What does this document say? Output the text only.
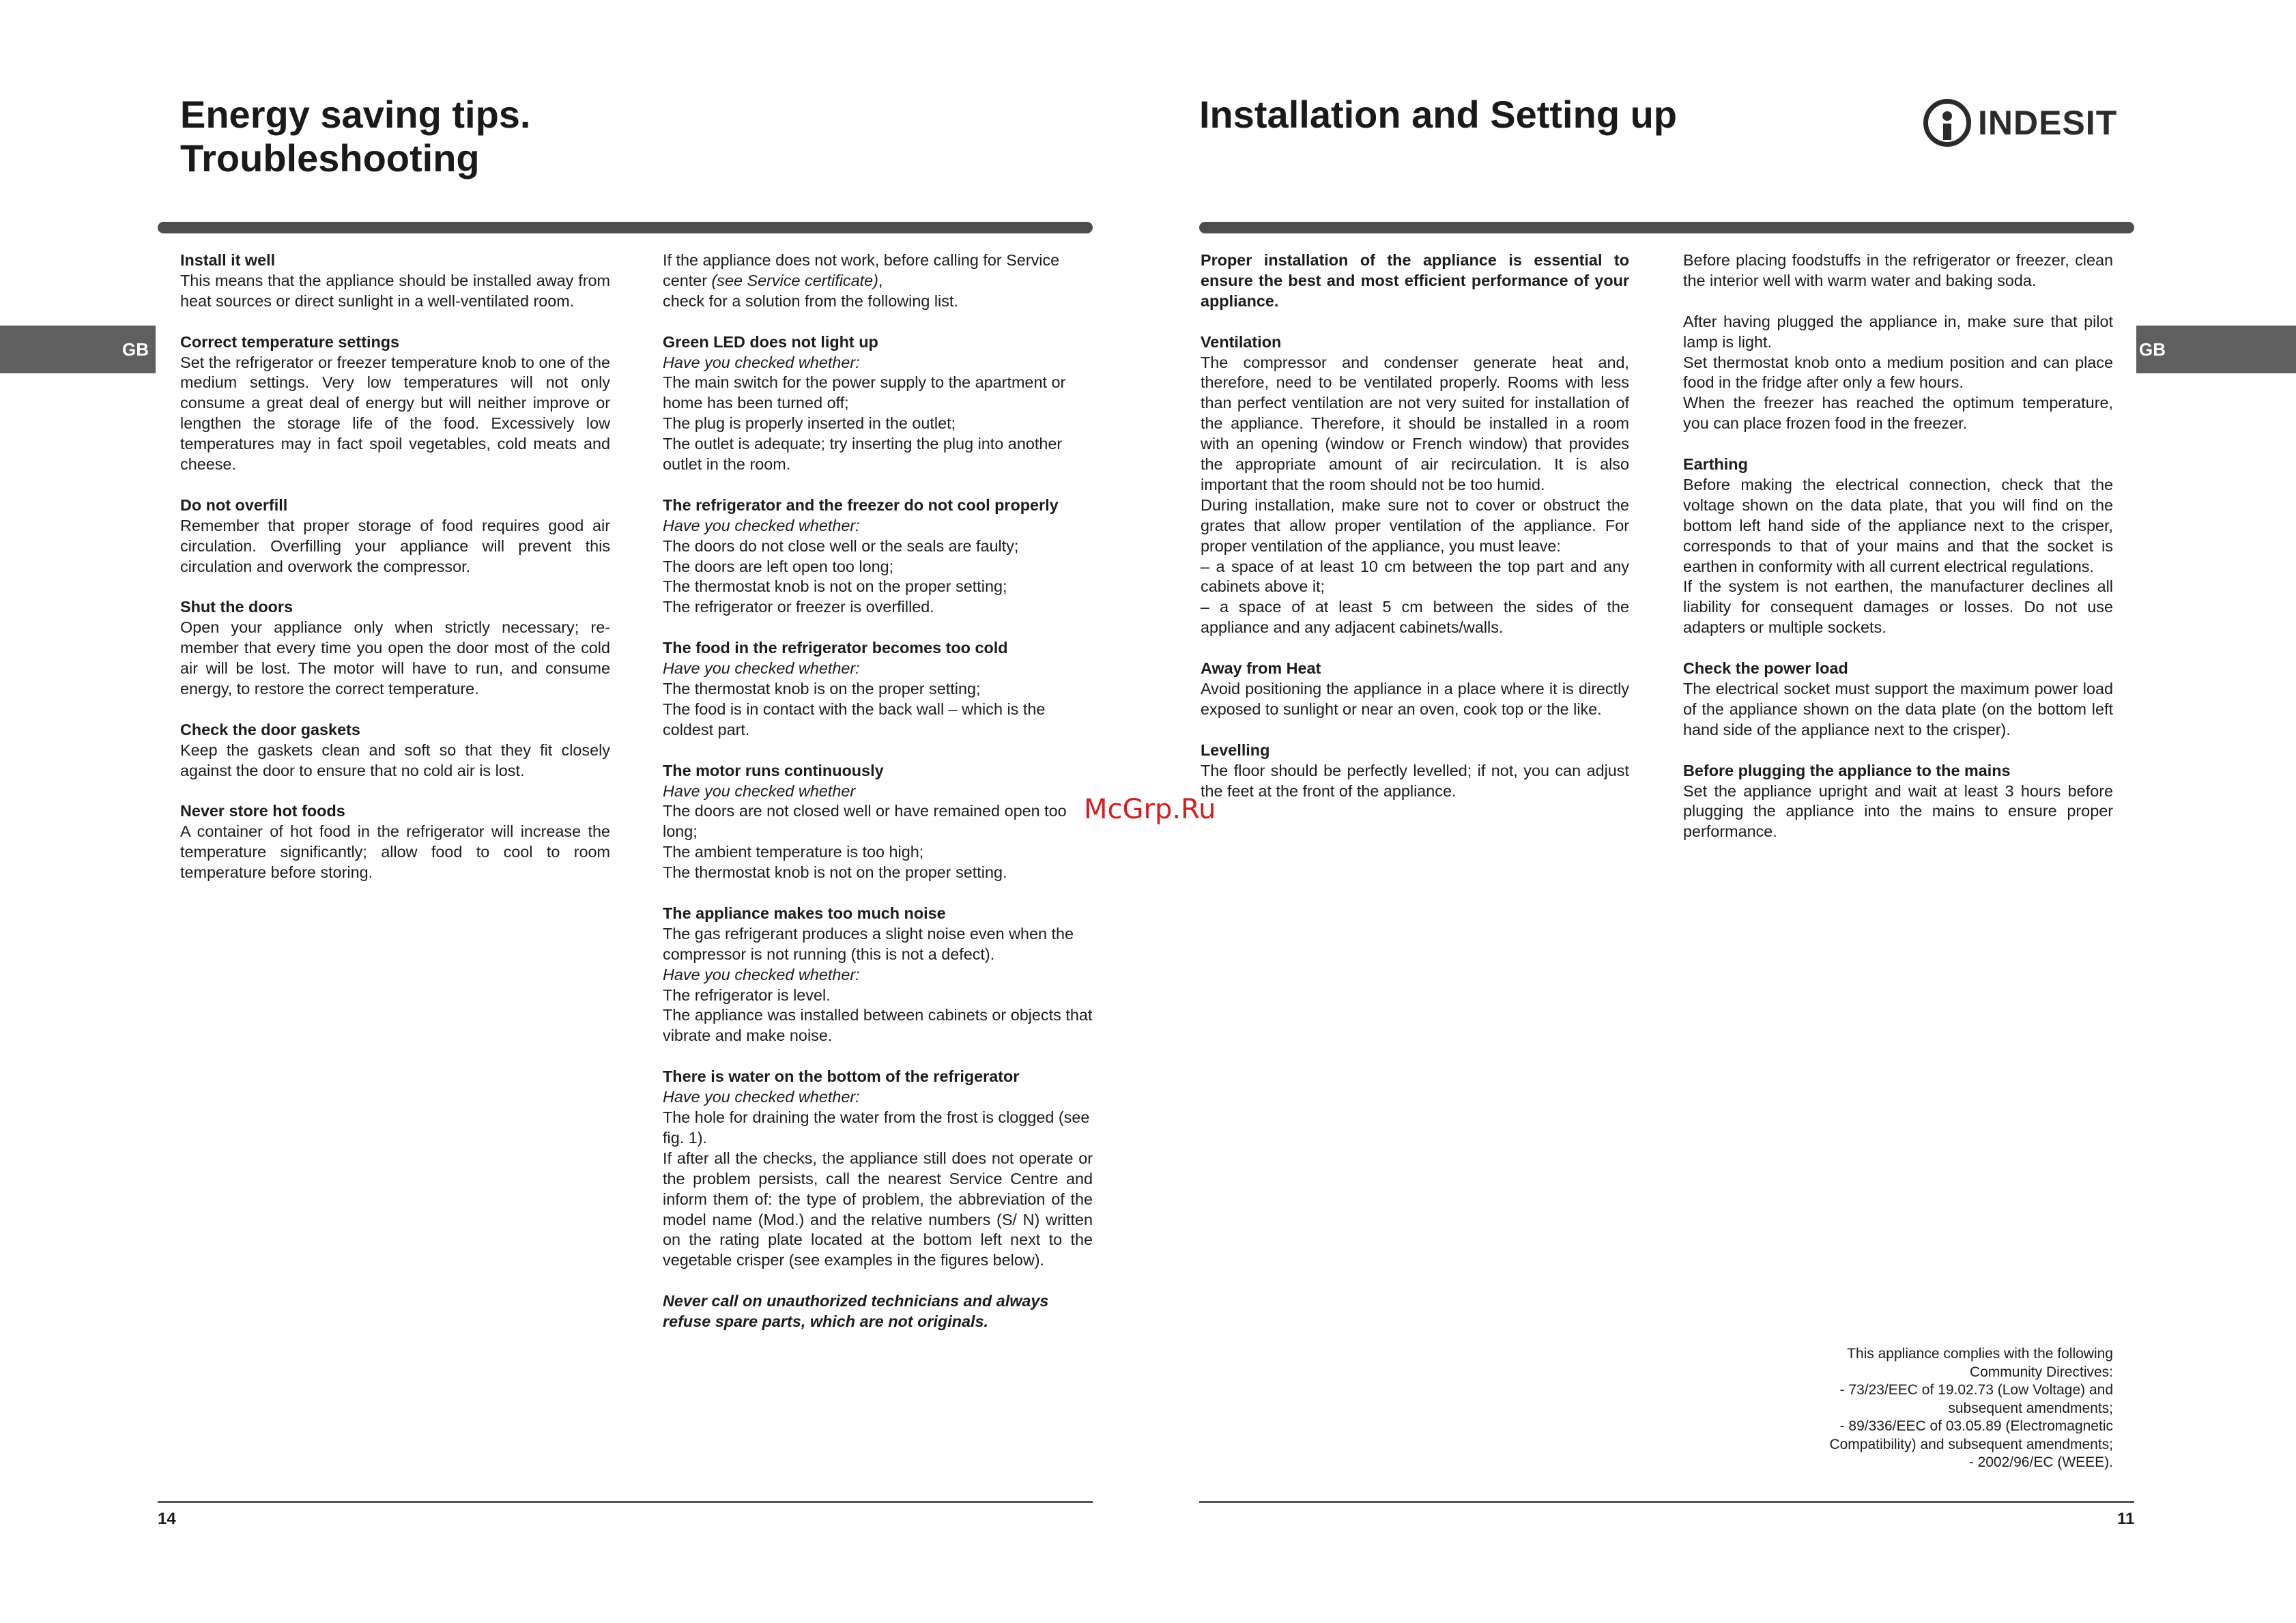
Energy saving tips.

Troubleshooting

GB

Install it well

This means that the appliance should be installed away from heat sources or direct sunlight in a well-ventilated room.

Correct temperature settings

Set the refrigerator or freezer temperature knob to one of the medium settings. Very low temperatures will not only consume a great deal of energy but will neither improve or lengthen the storage life of the food. Excessively low temperatures may in fact spoil vegetables, cold meats and cheese.

Do not overfill

Remember that proper storage of food requires good air circulation. Overfilling your appliance will prevent this circulation and overwork the compressor.

Shut the doors

Open your appliance only when strictly necessary; re-member that every time you open the door most of the cold air will be lost. The motor will have to run, and consume energy, to restore the correct temperature.

Check the door gaskets

Keep the gaskets clean and soft so that they fit closely against the door to ensure that no cold air is lost.

Never store hot foods

A container of hot food in the refrigerator will increase the temperature significantly; allow food to cool to room temperature before storing.

If the appliance does not work, before calling for Service

center (see Service certificate),

check for a solution from the following list.

Green LED does not light up

Have you checked whether:

The main switch for the power supply to the apartment or home has been turned off;

The plug is properly inserted in the outlet;

The outlet is adequate; try inserting the plug into another outlet in the room.

The refrigerator and the freezer do not cool properly

Have you checked whether:

The doors do not close well or the seals are faulty;

The doors are left open too long;

The thermostat knob is not on the proper setting;

The refrigerator or freezer is overfilled.

The food in the refrigerator becomes too cold

Have you checked whether:

The thermostat knob is on the proper setting;

The food is in contact with the back wall – which is the coldest part.

The motor runs continuously

Have you checked whether

The doors are not closed well or have remained open too long;

The ambient temperature is too high;

The thermostat knob is not on the proper setting.

The appliance makes too much noise

The gas refrigerant produces a slight noise even when the compressor is not running (this is not a defect).

Have you checked whether:

The refrigerator is level.

The appliance was installed between cabinets or objects that vibrate and make noise.

There is water on the bottom of the refrigerator

Have you checked whether:

The hole for draining the water from the frost is clogged (see fig. 1).

If after all the checks, the appliance still does not operate or the problem persists, call the nearest Service Centre and inform them of: the type of problem, the abbreviation of the model name (Mod.) and the relative numbers (S/ N) written on the rating plate located at the bottom left next to the vegetable crisper (see examples in the figures below).

Never call on unauthorized technicians and always refuse spare parts, which are not originals.

14
McGrp.Ru
Installation and Setting up	INDESIT
GB

Proper installation of the appliance is essential to ensure the best and most efficient performance of your appliance.

Ventilation

The compressor and condenser generate heat and, therefore, need to be ventilated properly. Rooms with less than perfect ventilation are not very suited for installation of the appliance. Therefore, it should be installed in a room with an opening (window or French window) that provides the appropriate amount of air recirculation. It is also important that the room should not be too humid.

During installation, make sure not to cover or obstruct the grates that allow proper ventilation of the appliance. For proper ventilation of the appliance, you must leave:

– a space of at least 10 cm between the top part and any cabinets above it;

– a space of at least 5 cm between the sides of the appliance and any adjacent cabinets/walls.

Away from Heat

Avoid positioning the appliance in a place where it is directly exposed to sunlight or near an oven, cook top or the like.

Levelling

The floor should be perfectly levelled; if not, you can adjust the feet at the front of the appliance.

Before placing foodstuffs in the refrigerator or freezer, clean the interior well with warm water and baking soda.

After having plugged the appliance in, make sure that pilot lamp is light.

Set thermostat knob onto a medium position and can place food in the fridge after only a few hours.

When the freezer has reached the optimum temperature, you can place frozen food in the freezer.

Earthing

Before making the electrical connection, check that the voltage shown on the data plate, that you will find on the bottom left hand side of the appliance next to the crisper, corresponds to that of your mains and that the socket is earthen in conformity with all current electrical regulations.

If the system is not earthen, the manufacturer declines all liability for consequent damages or losses. Do not use adapters or multiple sockets.

Check the power load

The electrical socket must support the maximum power load of the appliance shown on the data plate (on the bottom left hand side of the appliance next to the crisper).

Before plugging the appliance to the mains

Set the appliance upright and wait at least 3 hours before plugging the appliance into the mains to ensure proper performance.

This appliance complies with the following
Community Directives:
- 73/23/EEC of 19.02.73 (Low Voltage) and
subsequent amendments;
- 89/336/EEC of 03.05.89 (Electromagnetic
Compatibility) and subsequent amendments;
- 2002/96/EC (WEEE).
11
